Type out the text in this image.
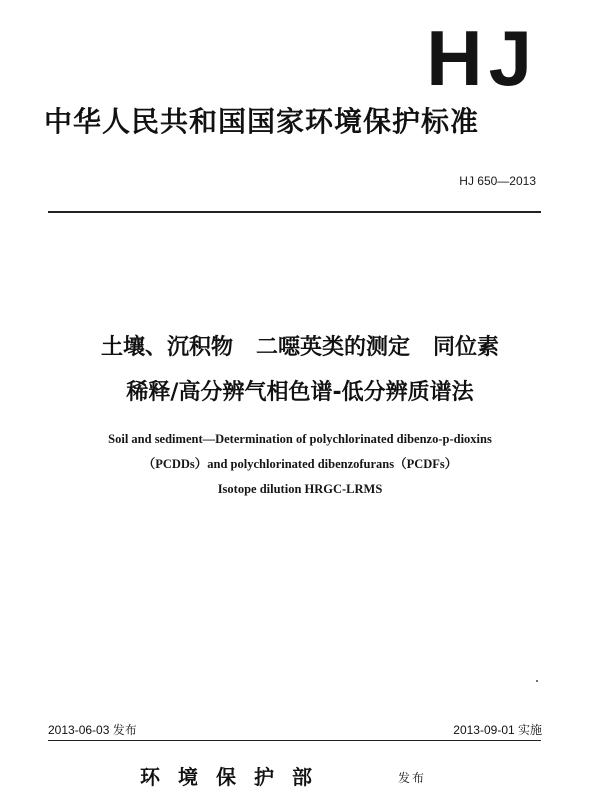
HJ
中华人民共和国国家环境保护标准
HJ 650—2013
土壤、沉积物   二噁英类的测定   同位素
稀释/高分辨气相色谱-低分辨质谱法
Soil and sediment—Determination of polychlorinated dibenzo-p-dioxins
（PCDDs）and polychlorinated dibenzofurans（PCDFs）
Isotope dilution HRGC-LRMS
2013-06-03 发布	2013-09-01 实施
环境保护部	发布
